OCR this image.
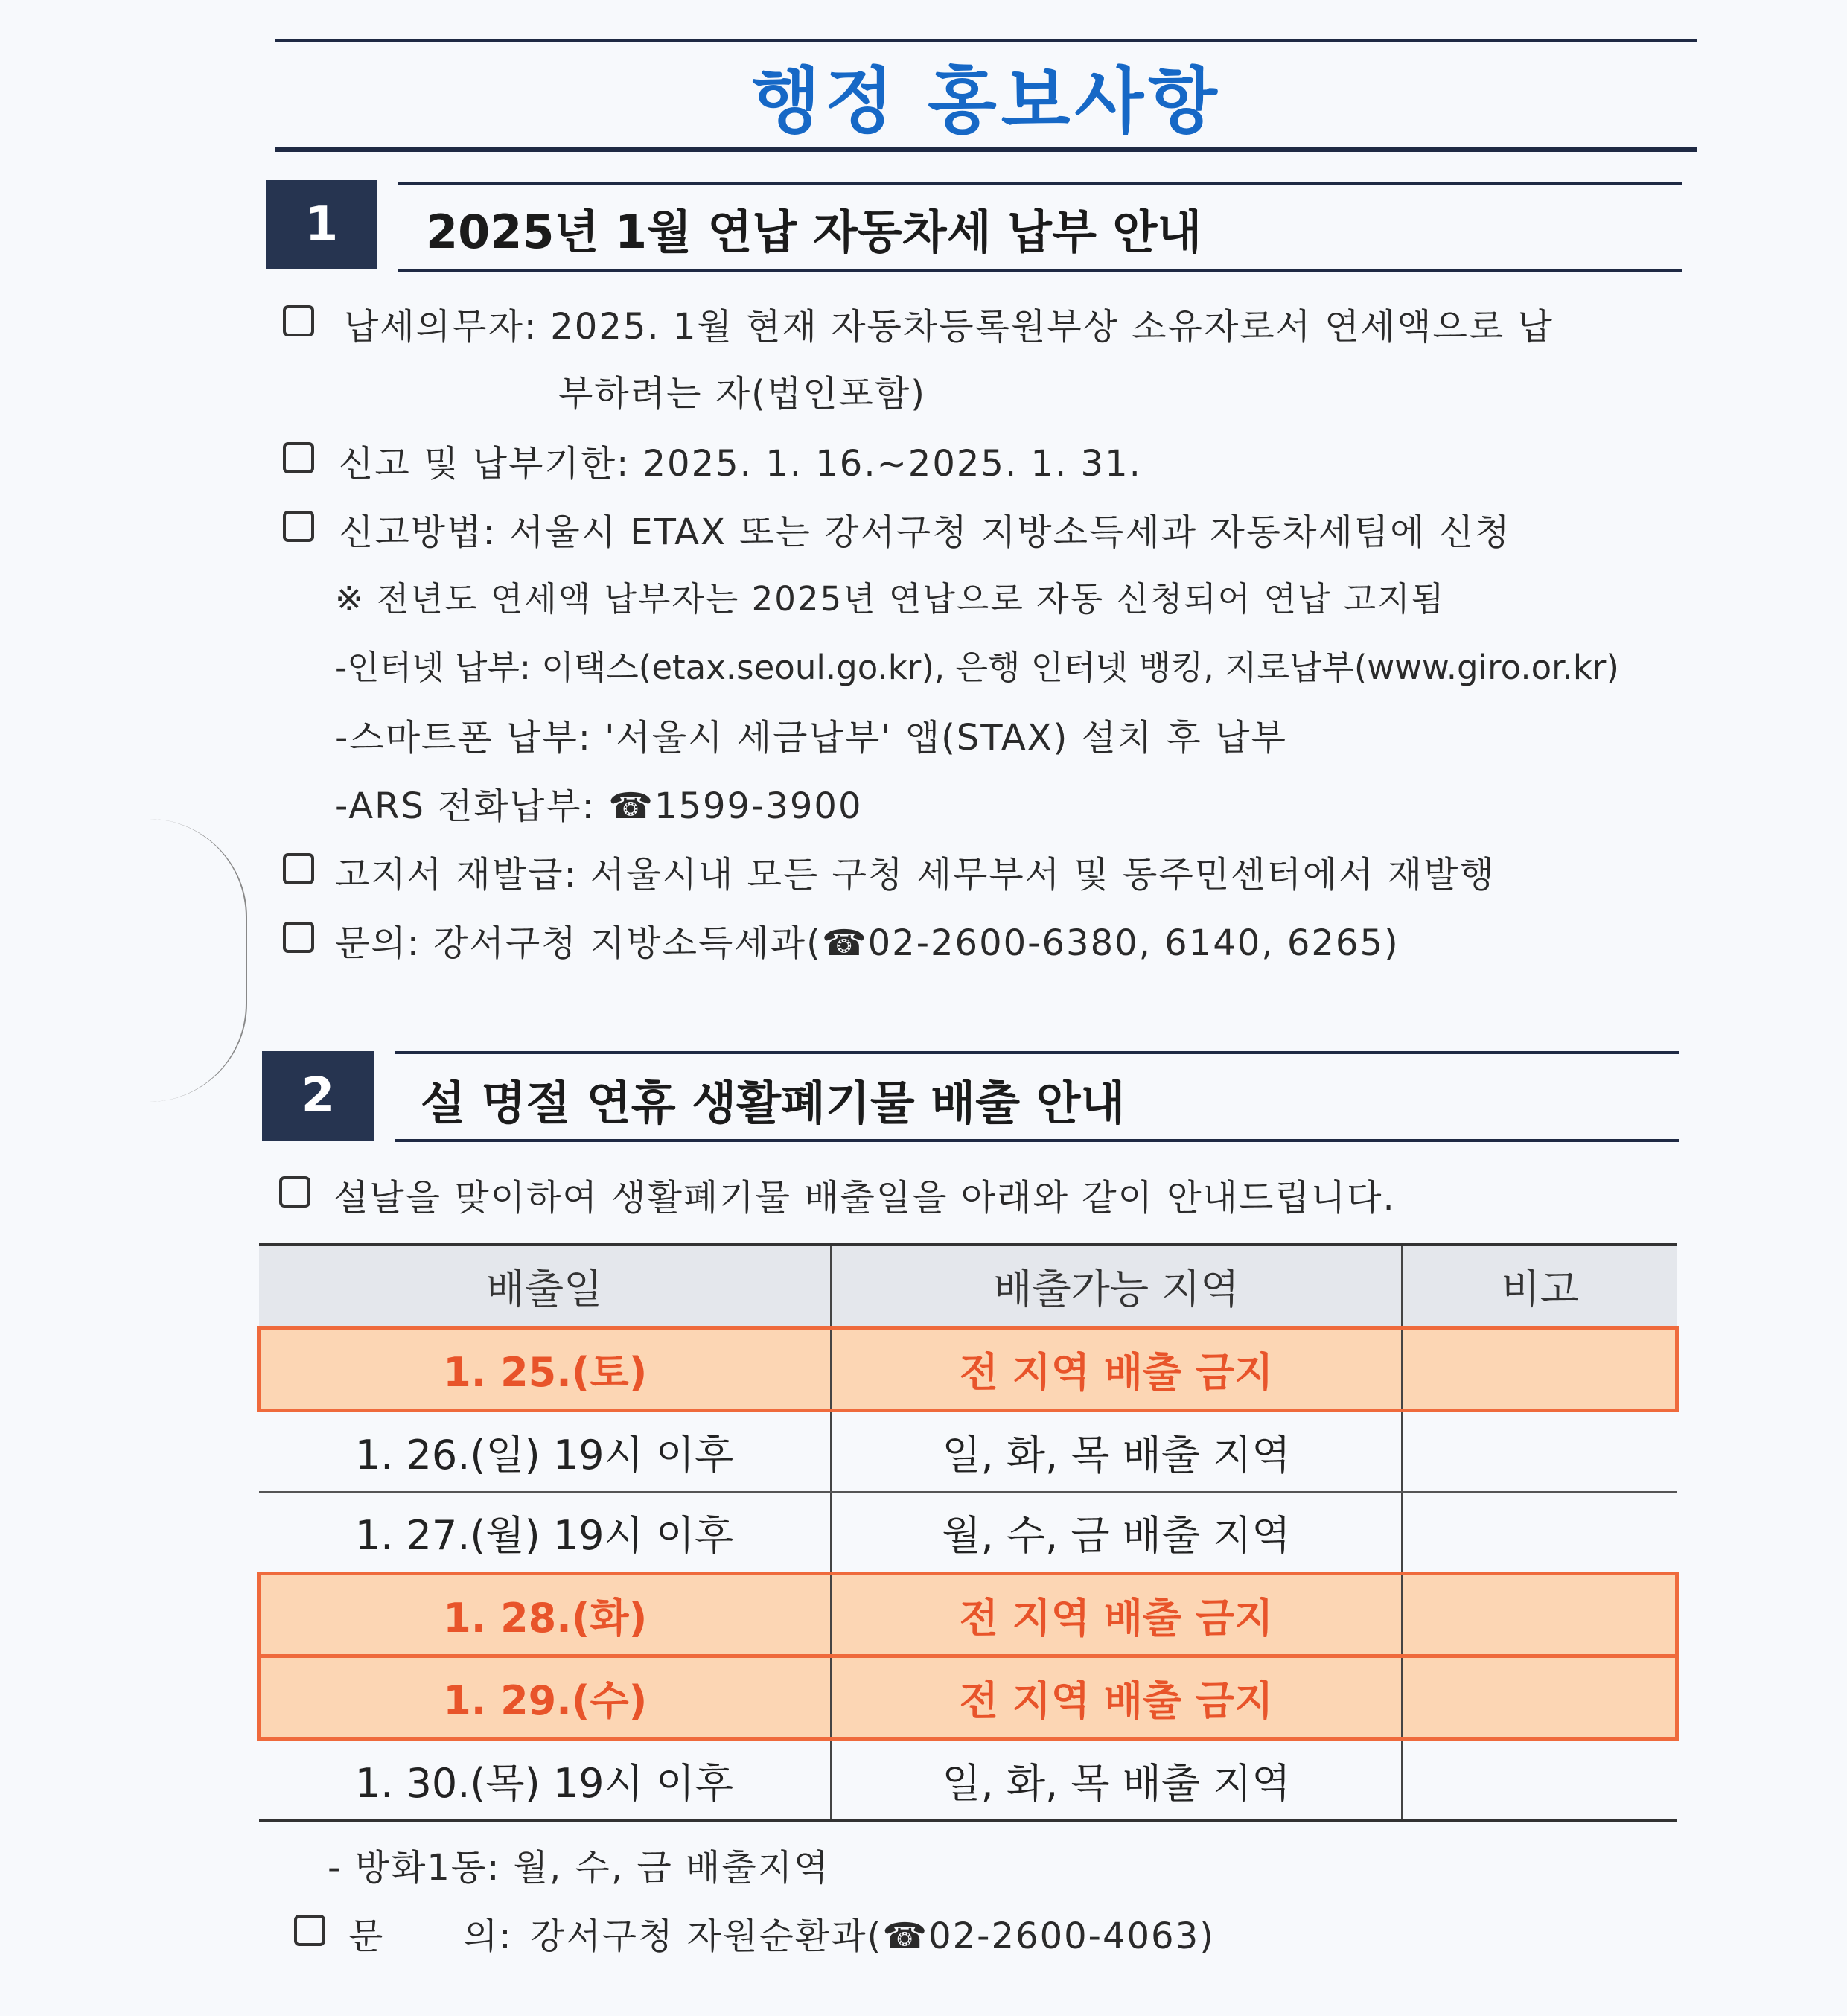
행정 홍보사항
1	2025년 1월 연납 자동차세 납부 안내
납세의무자: 2025. 1월 현재 자동차등록원부상 소유자로서 연세액으로 납
부하려는 자(법인포함)
신고 및 납부기한: 2025. 1. 16.~2025. 1. 31.
신고방법: 서울시 ETAX 또는 강서구청 지방소득세과 자동차세팀에 신청
※ 전년도 연세액 납부자는 2025년 연납으로 자동 신청되어 연납 고지됨
-인터넷 납부: 이택스(etax.seoul.go.kr), 은행 인터넷 뱅킹, 지로납부(www.giro.or.kr)
-스마트폰 납부: '서울시 세금납부' 앱(STAX) 설치 후 납부
-ARS 전화납부: ☎1599-3900
고지서 재발급: 서울시내 모든 구청 세무부서 및 동주민센터에서 재발행
문의: 강서구청 지방소득세과(☎02-2600-6380, 6140, 6265)
2	설 명절 연휴 생활폐기물 배출 안내
설날을 맞이하여 생활폐기물 배출일을 아래와 같이 안내드립니다.
배출일	배출가능 지역	비고
1. 25.(토)	전 지역 배출 금지	
1. 26.(일) 19시 이후	일, 화, 목 배출 지역	
1. 27.(월) 19시 이후	월, 수, 금 배출 지역	
1. 28.(화)	전 지역 배출 금지	
1. 29.(수)	전 지역 배출 금지	
1. 30.(목) 19시 이후	일, 화, 목 배출 지역	
- 방화1동: 월, 수, 금 배출지역
문 의: 강서구청 자원순환과(☎02-2600-4063)
